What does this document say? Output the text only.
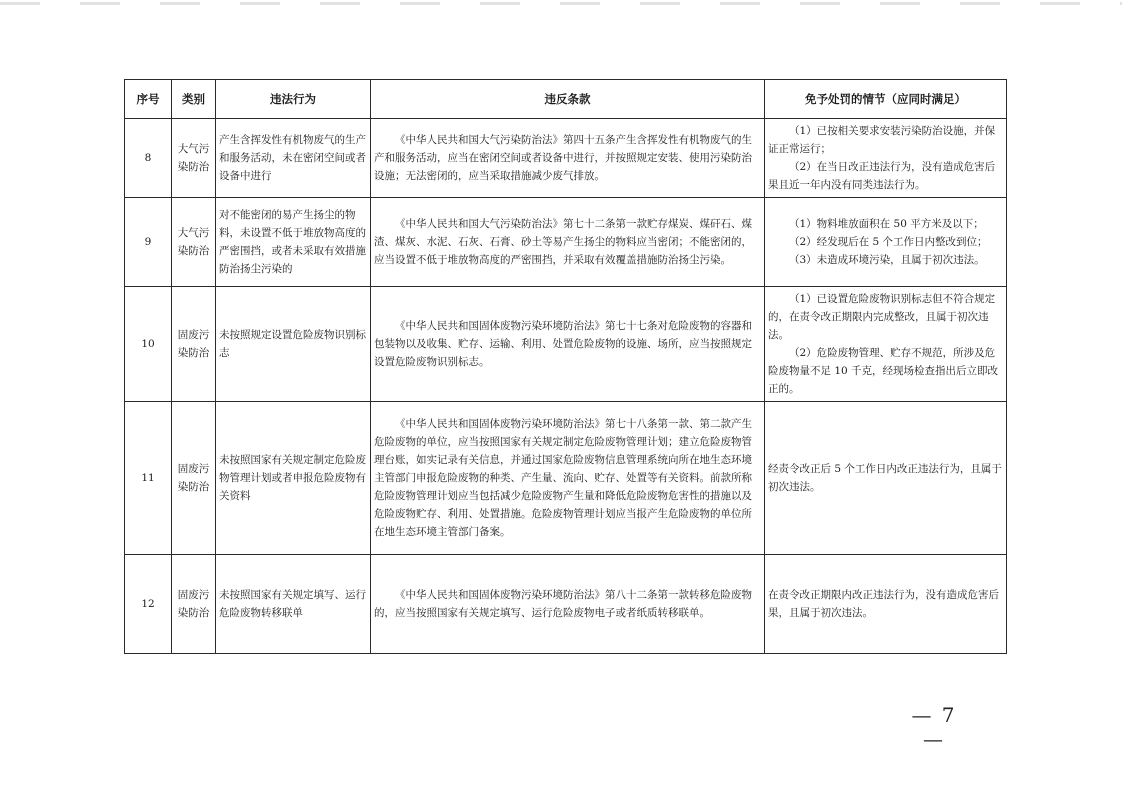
序号	类别	违法行为	违反条款	免予处罚的情节（应同时满足）
8	大气污染防治	产生含挥发性有机物废气的生产和服务活动，未在密闭空间或者设备中进行	《中华人民共和国大气污染防治法》第四十五条产生含挥发性有机物废气的生产和服务活动，应当在密闭空间或者设备中进行，并按照规定安装、使用污染防治设施；无法密闭的，应当采取措施减少废气排放。	（1）已按相关要求安装污染防治设施，并保证正常运行；
（2）在当日改正违法行为，没有造成危害后果且近一年内没有同类违法行为。

9	大气污染防治	对不能密闭的易产生扬尘的物料，未设置不低于堆放物高度的严密围挡，或者未采取有效措施防治扬尘污染的	《中华人民共和国大气污染防治法》第七十二条第一款贮存煤炭、煤矸石、煤渣、煤灰、水泥、石灰、石膏、砂土等易产生扬尘的物料应当密闭；不能密闭的，应当设置不低于堆放物高度的严密围挡，并采取有效覆盖措施防治扬尘污染。	（1）物料堆放面积在 50 平方米及以下；
（2）经发现后在 5 个工作日内整改到位；
（3）未造成环境污染，且属于初次违法。

10	固废污染防治	未按照规定设置危险废物识别标志	《中华人民共和国固体废物污染环境防治法》第七十七条对危险废物的容器和包装物以及收集、贮存、运输、利用、处置危险废物的设施、场所，应当按照规定设置危险废物识别标志。	（1）已设置危险废物识别标志但不符合规定的，在责令改正期限内完成整改，且属于初次违法。
（2）危险废物管理、贮存不规范，所涉及危险废物量不足 10 千克，经现场检查指出后立即改正的。

11	固废污染防治	未按照国家有关规定制定危险废物管理计划或者申报危险废物有关资料	《中华人民共和国固体废物污染环境防治法》第七十八条第一款、第二款产生危险废物的单位，应当按照国家有关规定制定危险废物管理计划；建立危险废物管理台账，如实记录有关信息，并通过国家危险废物信息管理系统向所在地生态环境主管部门申报危险废物的种类、产生量、流向、贮存、处置等有关资料。前款所称危险废物管理计划应当包括减少危险废物产生量和降低危险废物危害性的措施以及危险废物贮存、利用、处置措施。危险废物管理计划应当报产生危险废物的单位所在地生态环境主管部门备案。	经责令改正后 5 个工作日内改正违法行为，且属于初次违法。
12	固废污染防治	未按照国家有关规定填写、运行危险废物转移联单	《中华人民共和国固体废物污染环境防治法》第八十二条第一款转移危险废物的，应当按照国家有关规定填写、运行危险废物电子或者纸质转移联单。	在责令改正期限内改正违法行为，没有造成危害后果，且属于初次违法。
— 7 —
